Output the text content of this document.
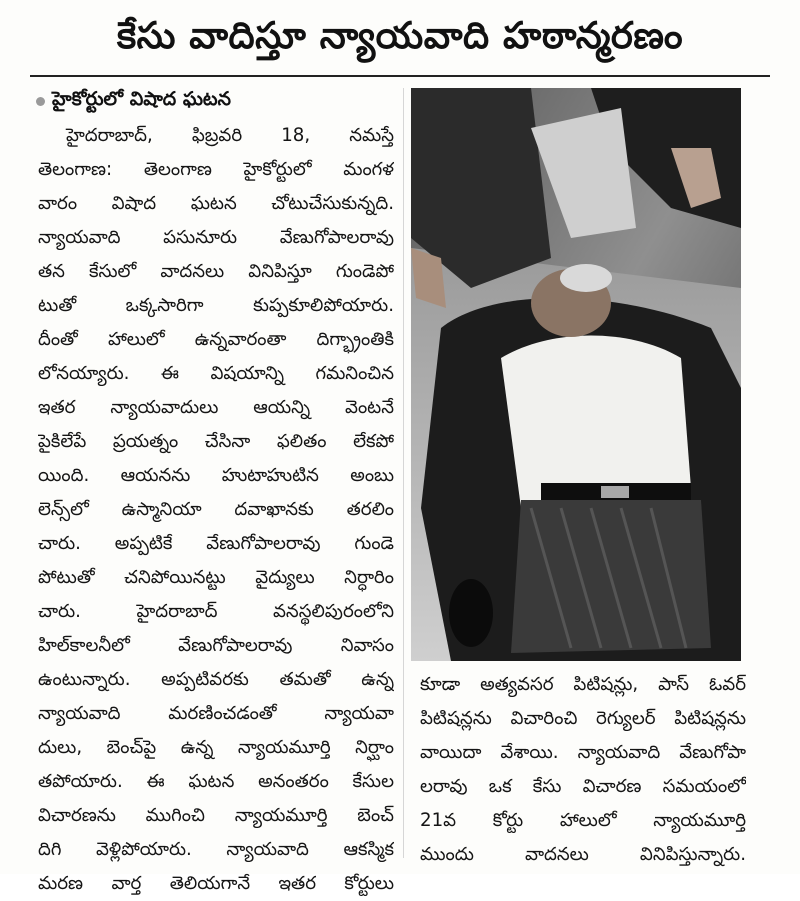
కేసు వాదిస్తూ న్యాయవాది హఠాన్మరణం
హైకోర్టులో విషాద ఘటన
హైదరాబాద్, ఫిబ్రవరి 18, నమస్తే
తెలంగాణ: తెలంగాణ హైకోర్టులో మంగళ
వారం విషాద ఘటన చోటుచేసుకున్నది.
న్యాయవాది పసునూరు వేణుగోపాలరావు
తన కేసులో వాదనలు వినిపిస్తూ గుండెపో
టుతో ఒక్కసారిగా కుప్పకూలిపోయారు.
దీంతో హాలులో ఉన్నవారంతా దిగ్భ్రాంతికి
లోనయ్యారు. ఈ విషయాన్ని గమనించిన
ఇతర న్యాయవాదులు ఆయన్ని వెంటనే
పైకిలేపే ప్రయత్నం చేసినా ఫలితం లేకపో
యింది. ఆయనను హుటాహుటిన అంబు
లెన్స్‌లో ఉస్మానియా దవాఖానకు తరలిం
చారు. అప్పటికే వేణుగోపాలరావు గుండె
పోటుతో చనిపోయినట్టు వైద్యులు నిర్ధారిం
చారు. హైదరాబాద్ వనస్థలిపురంలోని
హిల్‌కాలనీలో వేణుగోపాలరావు నివాసం
ఉంటున్నారు. అప్పటివరకు తమతో ఉన్న
న్యాయవాది మరణించడంతో న్యాయవా
దులు, బెంచ్‌పై ఉన్న న్యాయమూర్తి నిర్ఘాం
తపోయారు. ఈ ఘటన అనంతరం కేసుల
విచారణను ముగించి న్యాయమూర్తి బెంచ్
దిగి వెళ్లిపోయారు. న్యాయవాది ఆకస్మిక
మరణ వార్త తెలియగానే ఇతర కోర్టులు
కూడా అత్యవసర పిటిషన్లు, పాస్ ఓవర్
పిటిషన్లను విచారించి రెగ్యులర్ పిటిషన్లను
వాయిదా వేశాయి. న్యాయవాది వేణుగోపా
లరావు ఒక కేసు విచారణ సమయంలో
21వ కోర్టు హాలులో న్యాయమూర్తి
ముందు వాదనలు వినిపిస్తున్నారు.
